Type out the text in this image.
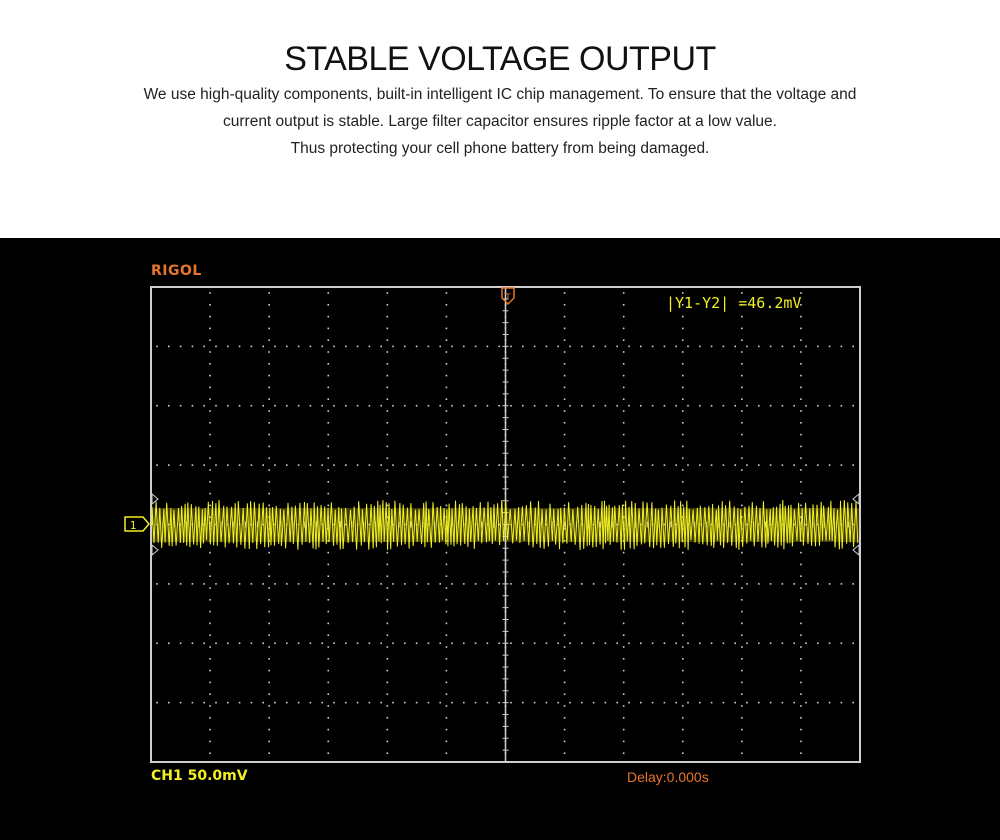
STABLE VOLTAGE OUTPUT
We use high-quality components, built-in intelligent IC chip management. To ensure that the voltage and
current output is stable. Large filter capacitor ensures ripple factor at a low value.
Thus protecting your cell phone battery from being damaged.
T
1
RIGOL
|Y1-Y2| =46.2mV
CH1 50.0mV	Delay:0.000s
